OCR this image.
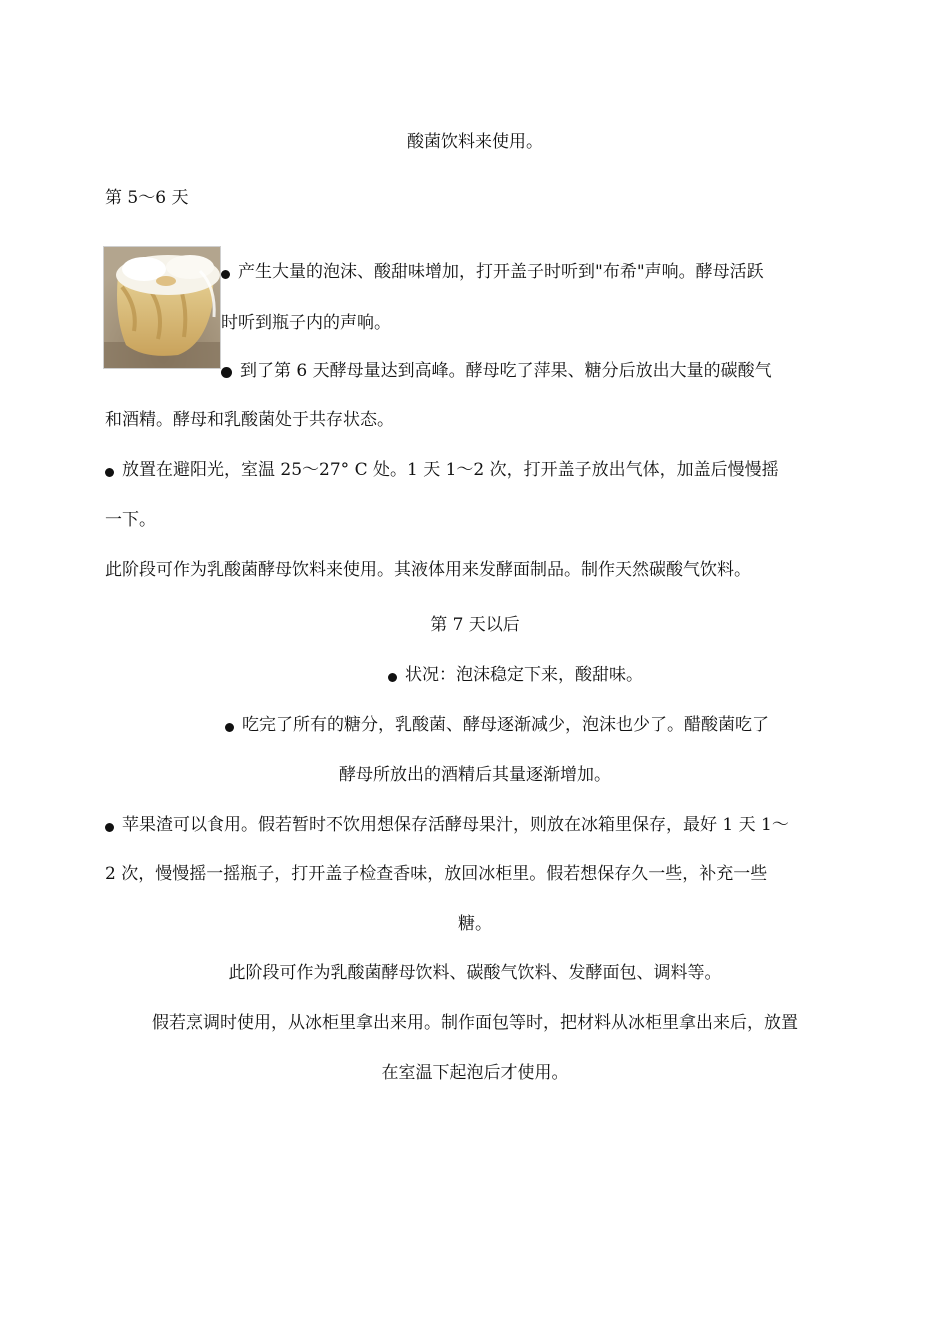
酸菌饮料来使用。
第 5～6 天
产生大量的泡沫、酸甜味增加，打开盖子时听到"布希"声响。酵母活跃
时听到瓶子内的声响。
到了第 6 天酵母量达到高峰。酵母吃了萍果、糖分后放出大量的碳酸气
和酒精。酵母和乳酸菌处于共存状态。
放置在避阳光，室温 25～27° C 处。1 天 1～2 次，打开盖子放出气体，加盖后慢慢摇
一下。
此阶段可作为乳酸菌酵母饮料来使用。其液体用来发酵面制品。制作天然碳酸气饮料。
第 7 天以后
状况：泡沫稳定下来，酸甜味。
吃完了所有的糖分，乳酸菌、酵母逐渐减少，泡沫也少了。醋酸菌吃了
酵母所放出的酒精后其量逐渐增加。
苹果渣可以食用。假若暂时不饮用想保存活酵母果汁，则放在冰箱里保存，最好 1 天 1～
2 次，慢慢摇一摇瓶子，打开盖子检查香味，放回冰柜里。假若想保存久一些，补充一些
糖。
此阶段可作为乳酸菌酵母饮料、碳酸气饮料、发酵面包、调料等。
假若烹调时使用，从冰柜里拿出来用。制作面包等时，把材料从冰柜里拿出来后，放置
在室温下起泡后才使用。
